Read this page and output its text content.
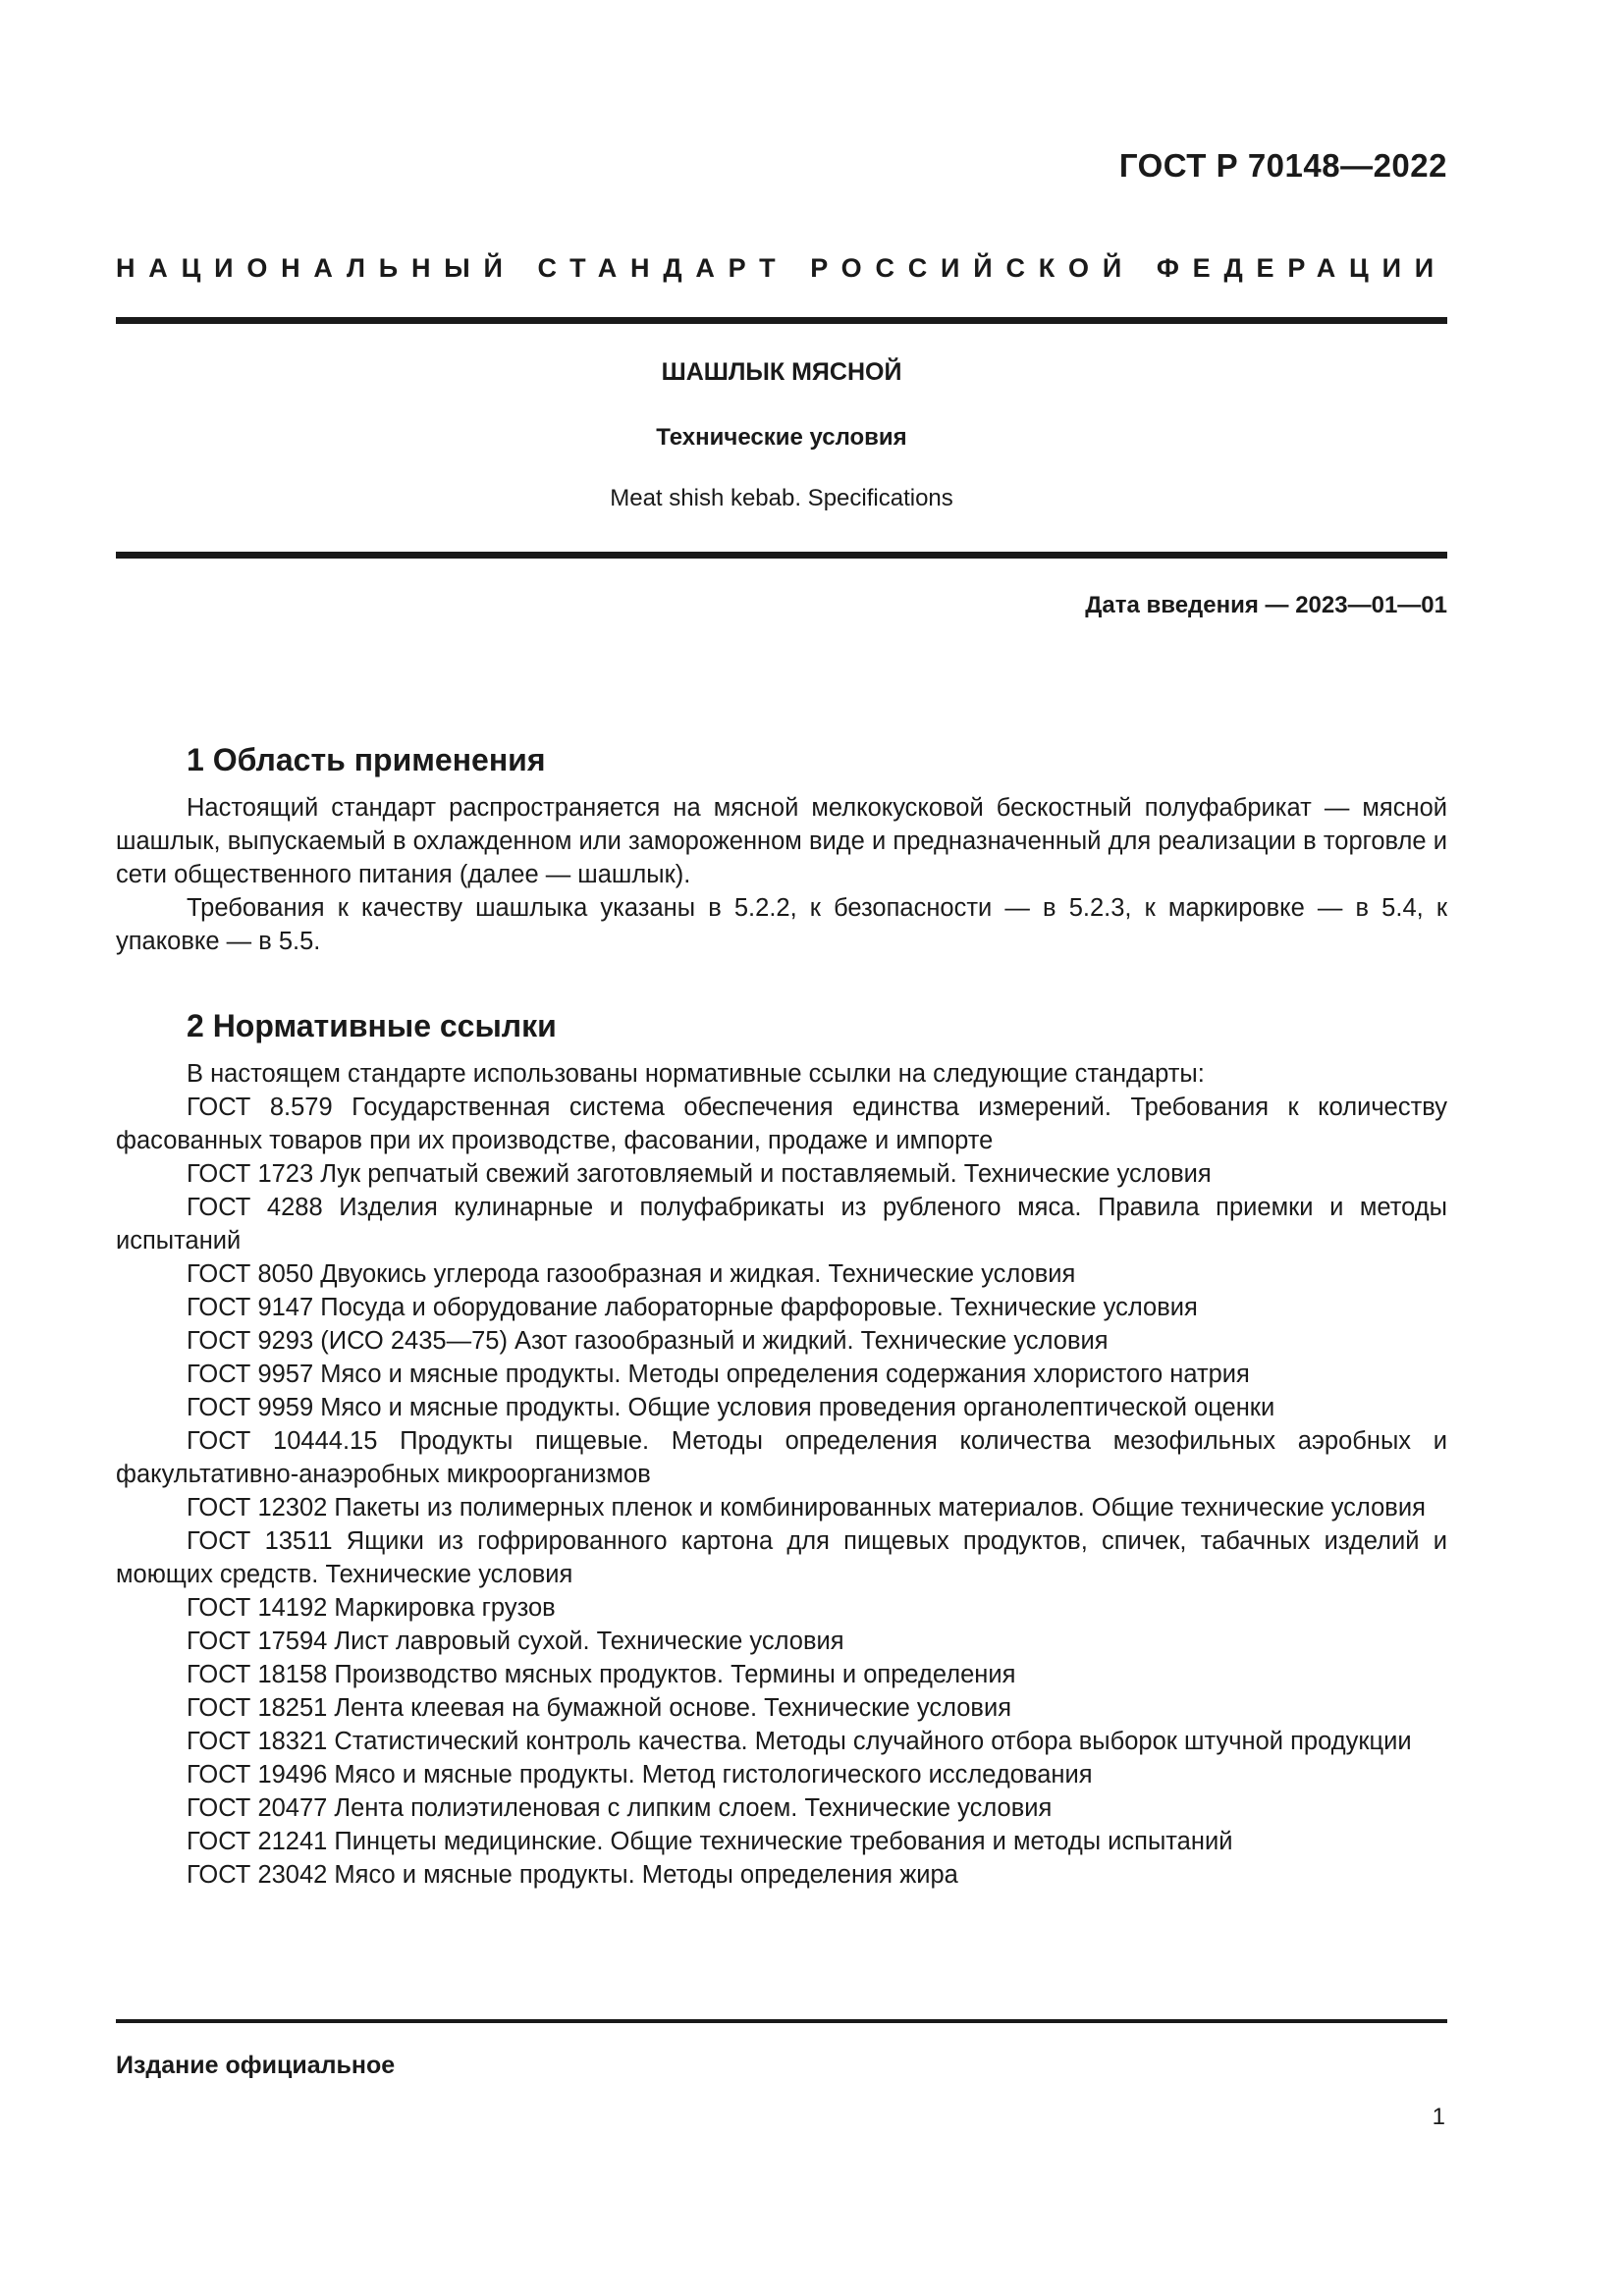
ГОСТ Р 70148—2022
НАЦИОНАЛЬНЫЙ СТАНДАРТ РОССИЙСКОЙ ФЕДЕРАЦИИ
ШАШЛЫК МЯСНОЙ
Технические условия
Meat shish kebab. Specifications
Дата введения — 2023—01—01
1 Область применения

Настоящий стандарт распространяется на мясной мелкокусковой бескостный полуфабрикат — мясной шашлык, выпускаемый в охлажденном или замороженном виде и предназначенный для реализации в торговле и сети общественного питания (далее — шашлык).

Требования к качеству шашлыка указаны в 5.2.2, к безопасности — в 5.2.3, к маркировке — в 5.4, к упаковке — в 5.5.

2 Нормативные ссылки

В настоящем стандарте использованы нормативные ссылки на следующие стандарты:

ГОСТ 8.579 Государственная система обеспечения единства измерений. Требования к количеству фасованных товаров при их производстве, фасовании, продаже и импорте

ГОСТ 1723 Лук репчатый свежий заготовляемый и поставляемый. Технические условия

ГОСТ 4288 Изделия кулинарные и полуфабрикаты из рубленого мяса. Правила приемки и методы испытаний

ГОСТ 8050 Двуокись углерода газообразная и жидкая. Технические условия

ГОСТ 9147 Посуда и оборудование лабораторные фарфоровые. Технические условия

ГОСТ 9293 (ИСО 2435—75) Азот газообразный и жидкий. Технические условия

ГОСТ 9957 Мясо и мясные продукты. Методы определения содержания хлористого натрия

ГОСТ 9959 Мясо и мясные продукты. Общие условия проведения органолептической оценки

ГОСТ 10444.15 Продукты пищевые. Методы определения количества мезофильных аэробных и факультативно-анаэробных микроорганизмов

ГОСТ 12302 Пакеты из полимерных пленок и комбинированных материалов. Общие технические условия

ГОСТ 13511 Ящики из гофрированного картона для пищевых продуктов, спичек, табачных изделий и моющих средств. Технические условия

ГОСТ 14192 Маркировка грузов

ГОСТ 17594 Лист лавровый сухой. Технические условия

ГОСТ 18158 Производство мясных продуктов. Термины и определения

ГОСТ 18251 Лента клеевая на бумажной основе. Технические условия

ГОСТ 18321 Статистический контроль качества. Методы случайного отбора выборок штучной продукции

ГОСТ 19496 Мясо и мясные продукты. Метод гистологического исследования

ГОСТ 20477 Лента полиэтиленовая с липким слоем. Технические условия

ГОСТ 21241 Пинцеты медицинские. Общие технические требования и методы испытаний

ГОСТ 23042 Мясо и мясные продукты. Методы определения жира

Издание официальное
1
